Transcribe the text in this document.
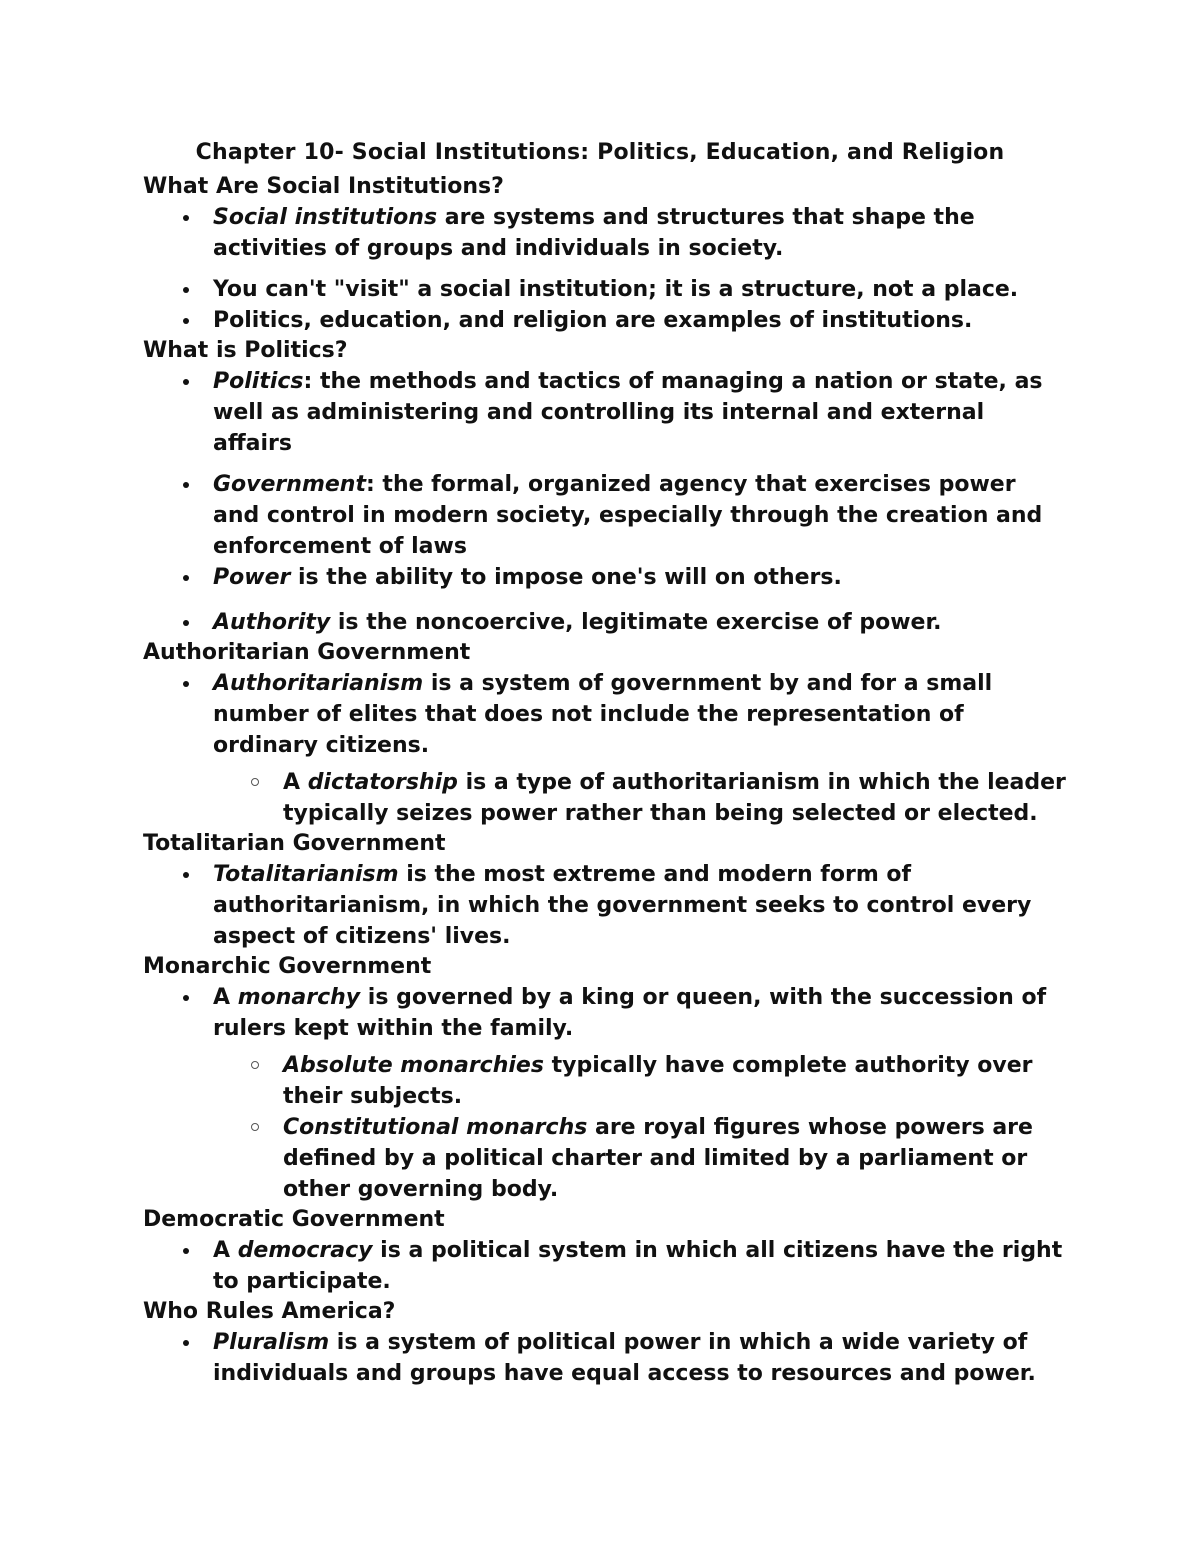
Chapter 10- Social Institutions: Politics, Education, and Religion
What Are Social Institutions?
Social institutions are systems and structures that shape the activities of groups and individuals in society.
You can't "visit" a social institution; it is a structure, not a place.
Politics, education, and religion are examples of institutions.
What is Politics?
Politics: the methods and tactics of managing a nation or state, as well as administering and controlling its internal and external affairs
Government: the formal, organized agency that exercises power and control in modern society, especially through the creation and enforcement of laws
Power is the ability to impose one's will on others.
Authority is the noncoercive, legitimate exercise of power.
Authoritarian Government
Authoritarianism is a system of government by and for a small number of elites that does not include the representation of ordinary citizens.
A dictatorship is a type of authoritarianism in which the leader typically seizes power rather than being selected or elected.
Totalitarian Government
Totalitarianism is the most extreme and modern form of authoritarianism, in which the government seeks to control every aspect of citizens' lives.
Monarchic Government
A monarchy is governed by a king or queen, with the succession of rulers kept within the family.
Absolute monarchies typically have complete authority over their subjects.
Constitutional monarchs are royal figures whose powers are defined by a political charter and limited by a parliament or other governing body.
Democratic Government
A democracy is a political system in which all citizens have the right to participate.
Who Rules America?
Pluralism is a system of political power in which a wide variety of individuals and groups have equal access to resources and power.
